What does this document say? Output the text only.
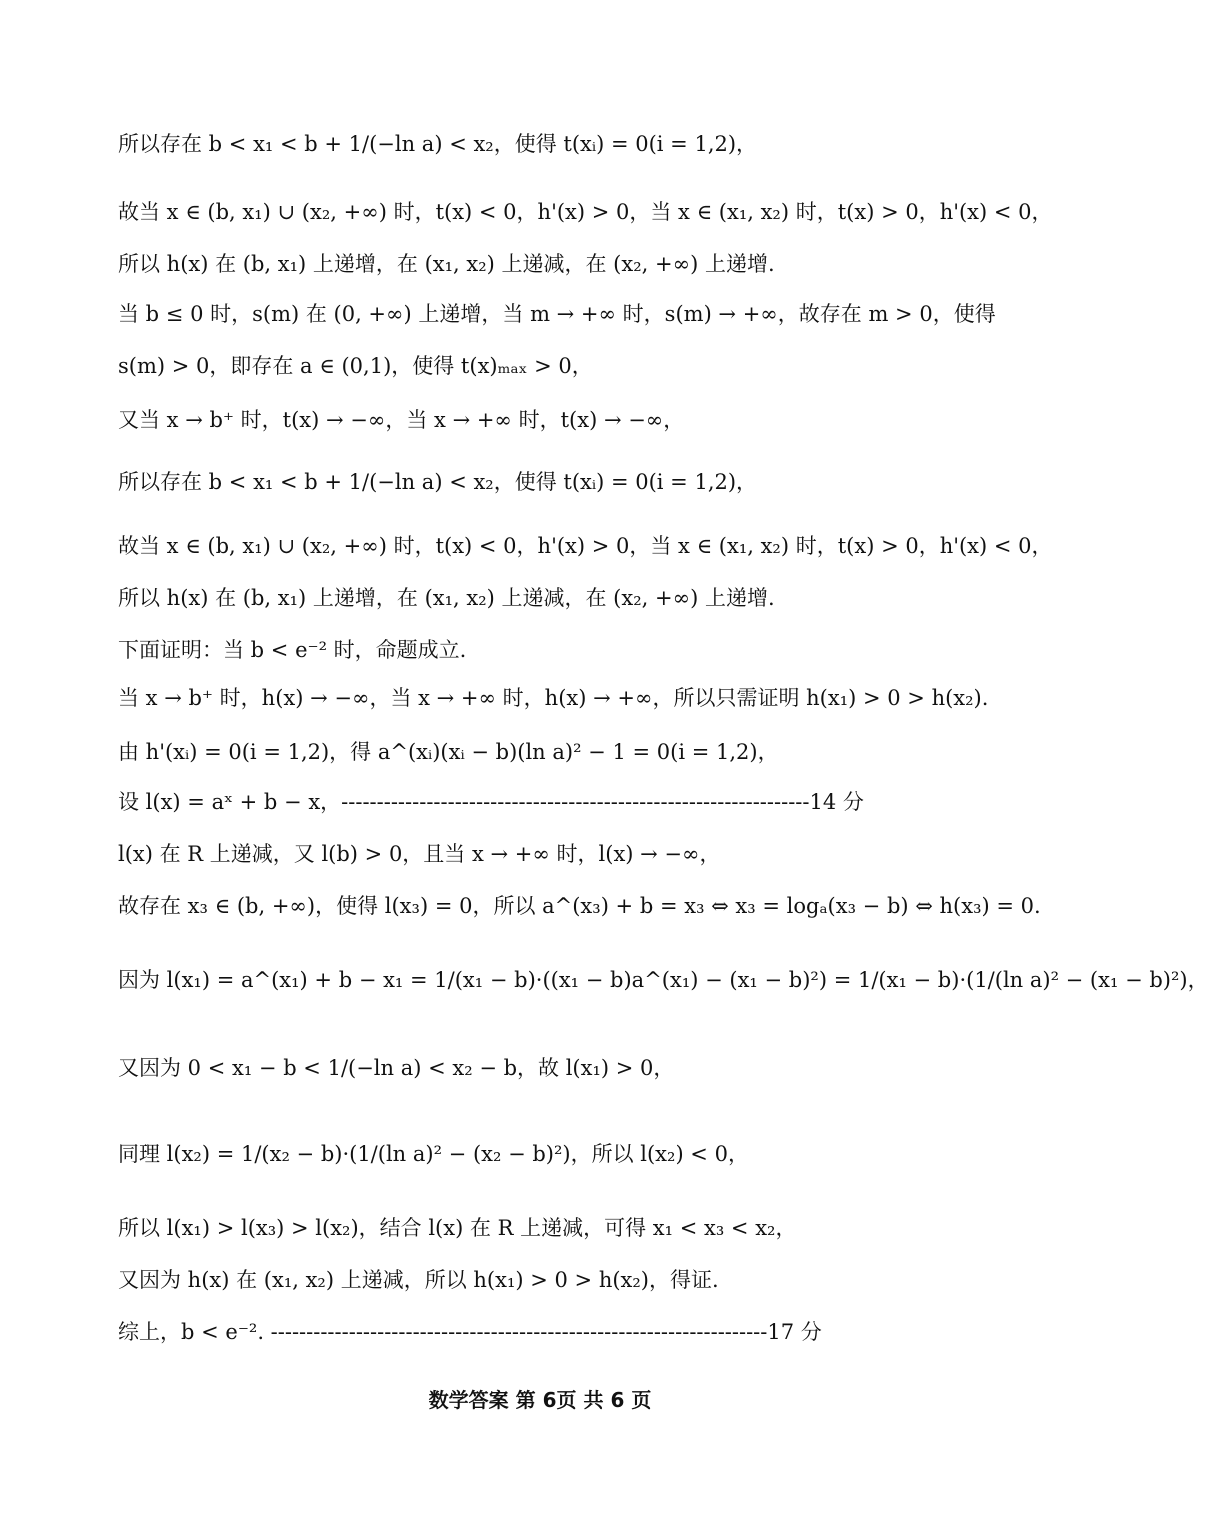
所以存在 b < x₁ < b + 1/(−ln a) < x₂，使得 t(xᵢ) = 0(i = 1,2)，
故当 x ∈ (b, x₁) ∪ (x₂, +∞) 时，t(x) < 0，h'(x) > 0，当 x ∈ (x₁, x₂) 时，t(x) > 0，h'(x) < 0，
所以 h(x) 在 (b, x₁) 上递增，在 (x₁, x₂) 上递减，在 (x₂, +∞) 上递增.
当 b ≤ 0 时，s(m) 在 (0, +∞) 上递增，当 m → +∞ 时，s(m) → +∞，故存在 m > 0，使得
s(m) > 0，即存在 a ∈ (0,1)，使得 t(x)ₘₐₓ > 0，
又当 x → b⁺ 时，t(x) → −∞，当 x → +∞ 时，t(x) → −∞，
所以存在 b < x₁ < b + 1/(−ln a) < x₂，使得 t(xᵢ) = 0(i = 1,2)，
故当 x ∈ (b, x₁) ∪ (x₂, +∞) 时，t(x) < 0，h'(x) > 0，当 x ∈ (x₁, x₂) 时，t(x) > 0，h'(x) < 0，
所以 h(x) 在 (b, x₁) 上递增，在 (x₁, x₂) 上递减，在 (x₂, +∞) 上递增.
下面证明：当 b < e⁻² 时，命题成立.
当 x → b⁺ 时，h(x) → −∞，当 x → +∞ 时，h(x) → +∞，所以只需证明 h(x₁) > 0 > h(x₂).
由 h'(xᵢ) = 0(i = 1,2)，得 a^(xᵢ)(xᵢ − b)(ln a)² − 1 = 0(i = 1,2)，
设 l(x) = aˣ + b − x，------------------------------------------------------------------14 分
l(x) 在 R 上递减，又 l(b) > 0，且当 x → +∞ 时，l(x) → −∞，
故存在 x₃ ∈ (b, +∞)，使得 l(x₃) = 0，所以 a^(x₃) + b = x₃ ⇔ x₃ = logₐ(x₃ − b) ⇔ h(x₃) = 0.
因为 l(x₁) = a^(x₁) + b − x₁ = 1/(x₁ − b)·((x₁ − b)a^(x₁) − (x₁ − b)²) = 1/(x₁ − b)·(1/(ln a)² − (x₁ − b)²)，
又因为 0 < x₁ − b < 1/(−ln a) < x₂ − b，故 l(x₁) > 0，
同理 l(x₂) = 1/(x₂ − b)·(1/(ln a)² − (x₂ − b)²)，所以 l(x₂) < 0，
所以 l(x₁) > l(x₃) > l(x₂)，结合 l(x) 在 R 上递减，可得 x₁ < x₃ < x₂，
又因为 h(x) 在 (x₁, x₂) 上递减，所以 h(x₁) > 0 > h(x₂)，得证.
综上，b < e⁻². ----------------------------------------------------------------------17 分
数学答案 第 6页 共 6 页
